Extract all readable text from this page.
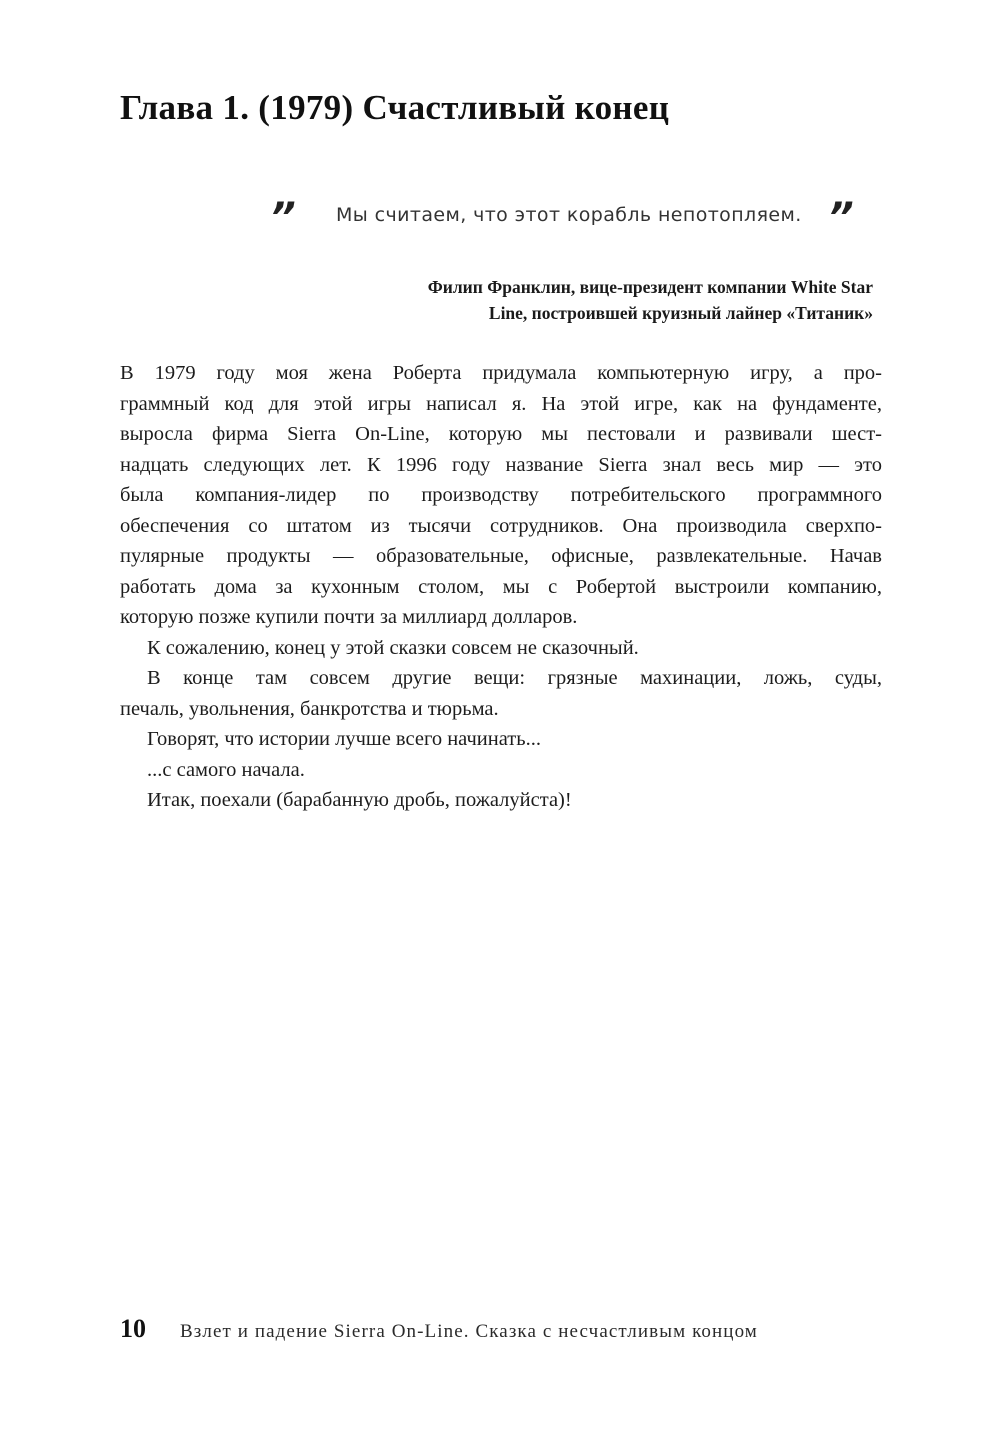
Глава 1. (1979) Счастливый конец
” Мы считаем, что этот корабль непотопляем. ”
Филип Франклин, вице-президент компании White Star
Line, построившей круизный лайнер «Титаник»
В 1979 году моя жена Роберта придумала компьютерную игру, а про-
граммный код для этой игры написал я. На этой игре, как на фундаменте,
выросла фирма Sierra On-Line, которую мы пестовали и развивали шест-
надцать следующих лет. К 1996 году название Sierra знал весь мир — это
была компания-лидер по производству потребительского программного
обеспечения со штатом из тысячи сотрудников. Она производила сверхпо-
пулярные продукты — образовательные, офисные, развлекательные. Начав
работать дома за кухонным столом, мы с Робертой выстроили компанию,
которую позже купили почти за миллиард долларов.
К сожалению, конец у этой сказки совсем не сказочный.
В конце там совсем другие вещи: грязные махинации, ложь, суды,
печаль, увольнения, банкротства и тюрьма.
Говорят, что истории лучше всего начинать...
...с самого начала.
Итак, поехали (барабанную дробь, пожалуйста)!
10 Взлет и падение Sierra On-Line. Сказка с несчастливым концом
